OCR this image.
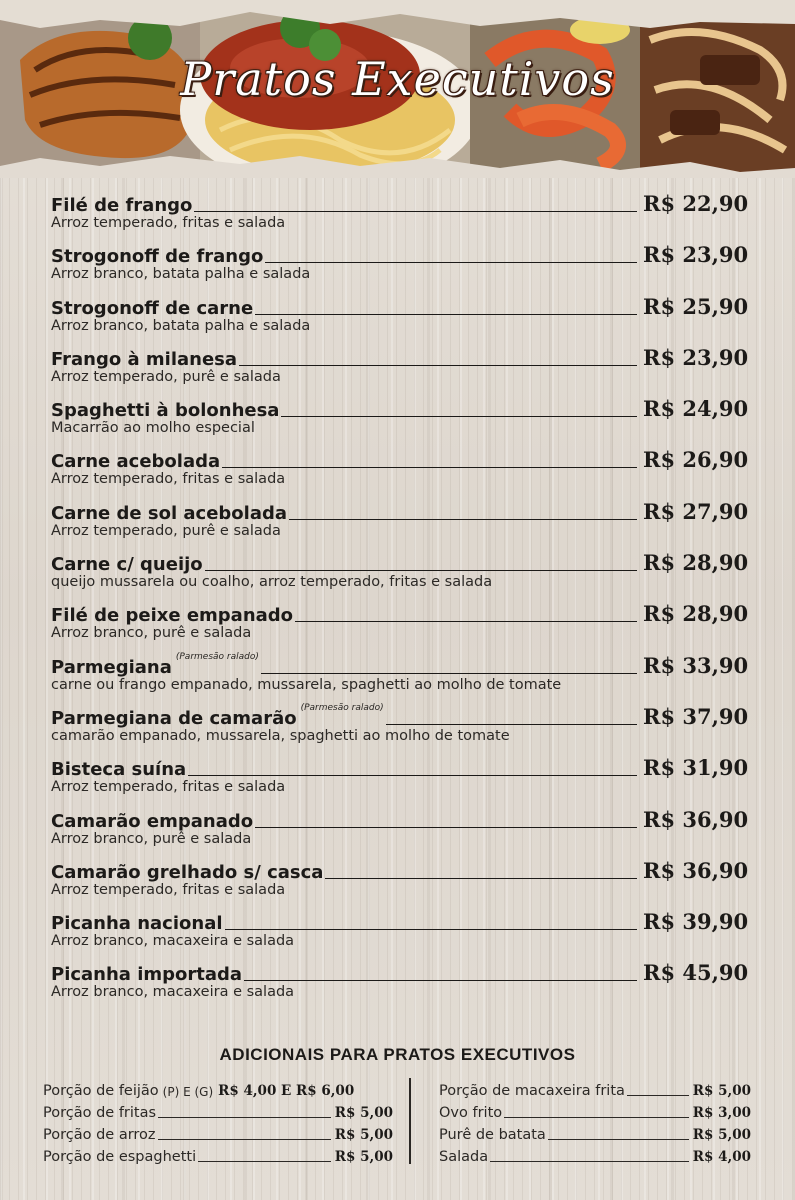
Pratos Executivos
Filé de frango	R$ 22,90
Arroz temperado, fritas e salada
Strogonoff de frango	R$ 23,90
Arroz branco, batata palha e salada
Strogonoff de carne	R$ 25,90
Arroz branco, batata palha e salada
Frango à milanesa	R$ 23,90
Arroz temperado, purê e salada
Spaghetti à bolonhesa	R$ 24,90
Macarrão ao molho especial
Carne acebolada	R$ 26,90
Arroz temperado, fritas e salada
Carne de sol acebolada	R$ 27,90
Arroz temperado, purê e salada
Carne c/ queijo	R$ 28,90
queijo mussarela ou coalho, arroz temperado, fritas e salada
Filé de peixe empanado	R$ 28,90
Arroz branco, purê e salada
Parmegiana (Parmesão ralado)	R$ 33,90
carne ou frango empanado, mussarela, spaghetti ao molho de tomate
Parmegiana de camarão (Parmesão ralado)	R$ 37,90
camarão empanado, mussarela, spaghetti ao molho de tomate
Bisteca suína	R$ 31,90
Arroz temperado, fritas e salada
Camarão empanado	R$ 36,90
Arroz branco, purê e salada
Camarão grelhado s/ casca	R$ 36,90
Arroz temperado, fritas e salada
Picanha nacional	R$ 39,90
Arroz branco, macaxeira e salada
Picanha importada	R$ 45,90
Arroz branco, macaxeira e salada
ADICIONAIS PARA PRATOS EXECUTIVOS
Porção de feijão (P) E (G) R$ 4,00 E R$ 6,00
Porção de fritas	R$ 5,00
Porção de arroz	R$ 5,00
Porção de espaghetti	R$ 5,00
Porção de macaxeira frita	R$ 5,00
Ovo frito	R$ 3,00
Purê de batata	R$ 5,00
Salada	R$ 4,00
